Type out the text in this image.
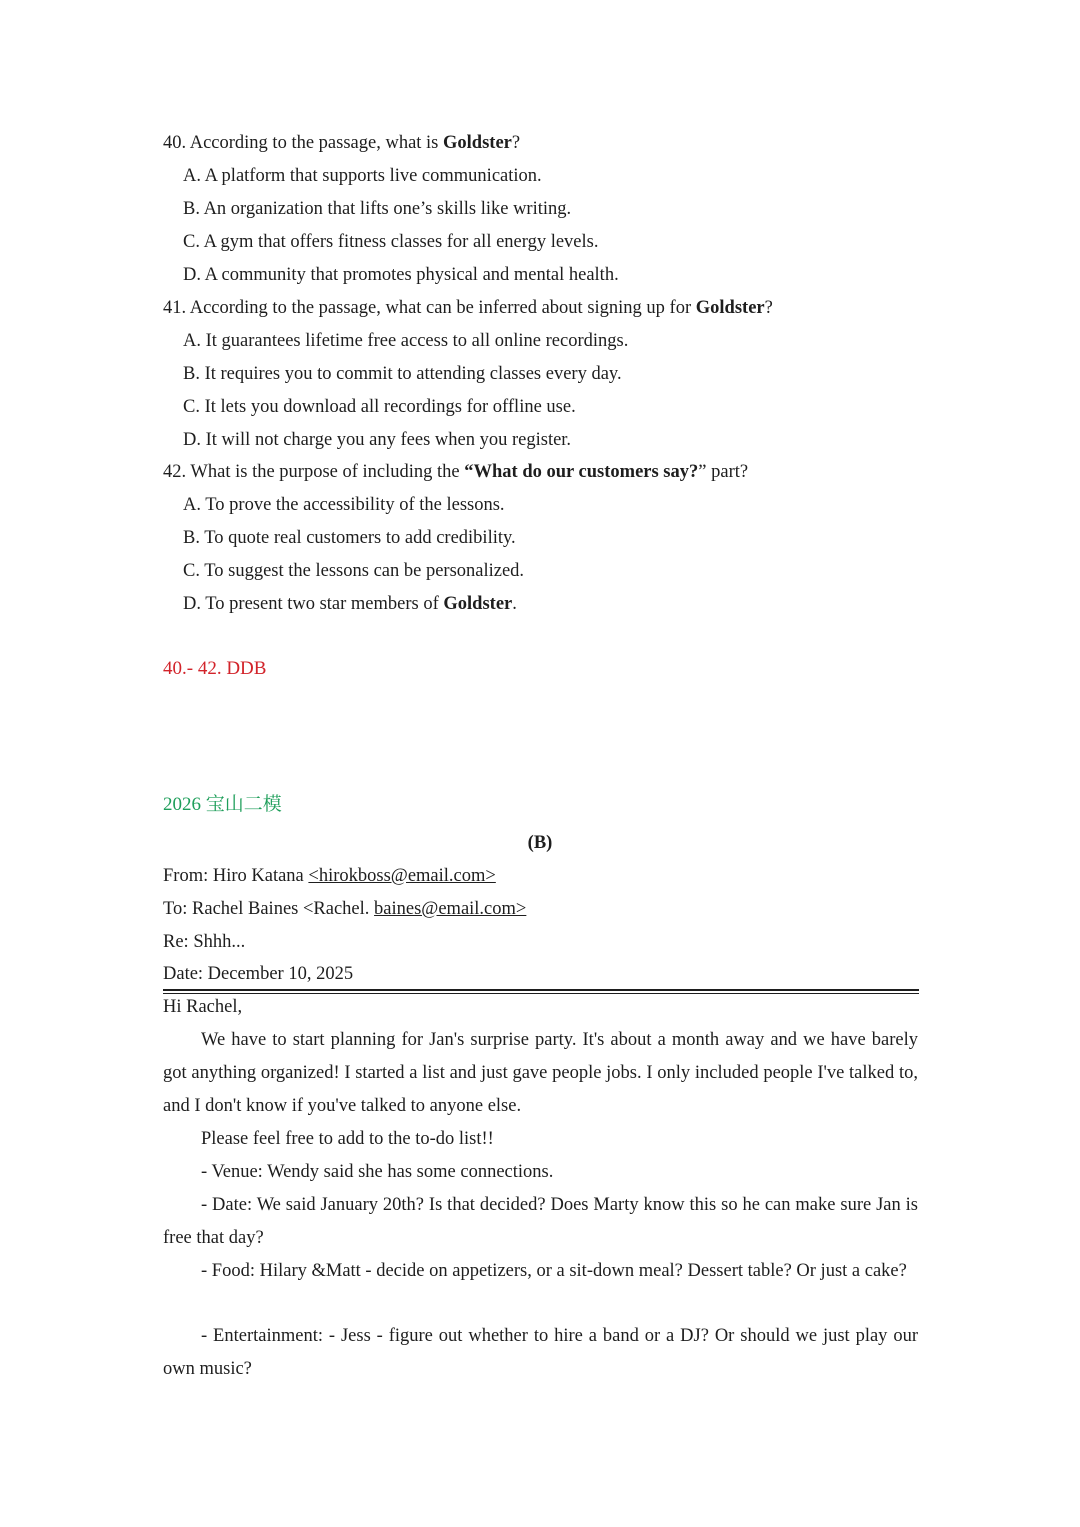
40. According to the passage, what is Goldster?
A. A platform that supports live communication.
B. An organization that lifts one’s skills like writing.
C. A gym that offers fitness classes for all energy levels.
D. A community that promotes physical and mental health.
41. According to the passage, what can be inferred about signing up for Goldster?
A. It guarantees lifetime free access to all online recordings.
B. It requires you to commit to attending classes every day.
C. It lets you download all recordings for offline use.
D. It will not charge you any fees when you register.
42. What is the purpose of including the “What do our customers say?” part?
A. To prove the accessibility of the lessons.
B. To quote real customers to add credibility.
C. To suggest the lessons can be personalized.
D. To present two star members of Goldster.
40.- 42. DDB
2026 宝山二模
(B)
From: Hiro Katana <hirokboss@email.com>
To: Rachel Baines <Rachel. baines@email.com>
Re: Shhh...
Date: December 10, 2025
Hi Rachel,
We have to start planning for Jan's surprise party. It's about a month away and we have barely got anything organized! I started a list and just gave people jobs. I only included people I've talked to, and I don't know if you've talked to anyone else.
Please feel free to add to the to-do list!!
- Venue: Wendy said she has some connections.
- Date: We said January 20th? Is that decided? Does Marty know this so he can make sure Jan is free that day?
- Food: Hilary &Matt - decide on appetizers, or a sit-down meal? Dessert table? Or just a cake?
- Entertainment: - Jess - figure out whether to hire a band or a DJ? Or should we just play our own music?
